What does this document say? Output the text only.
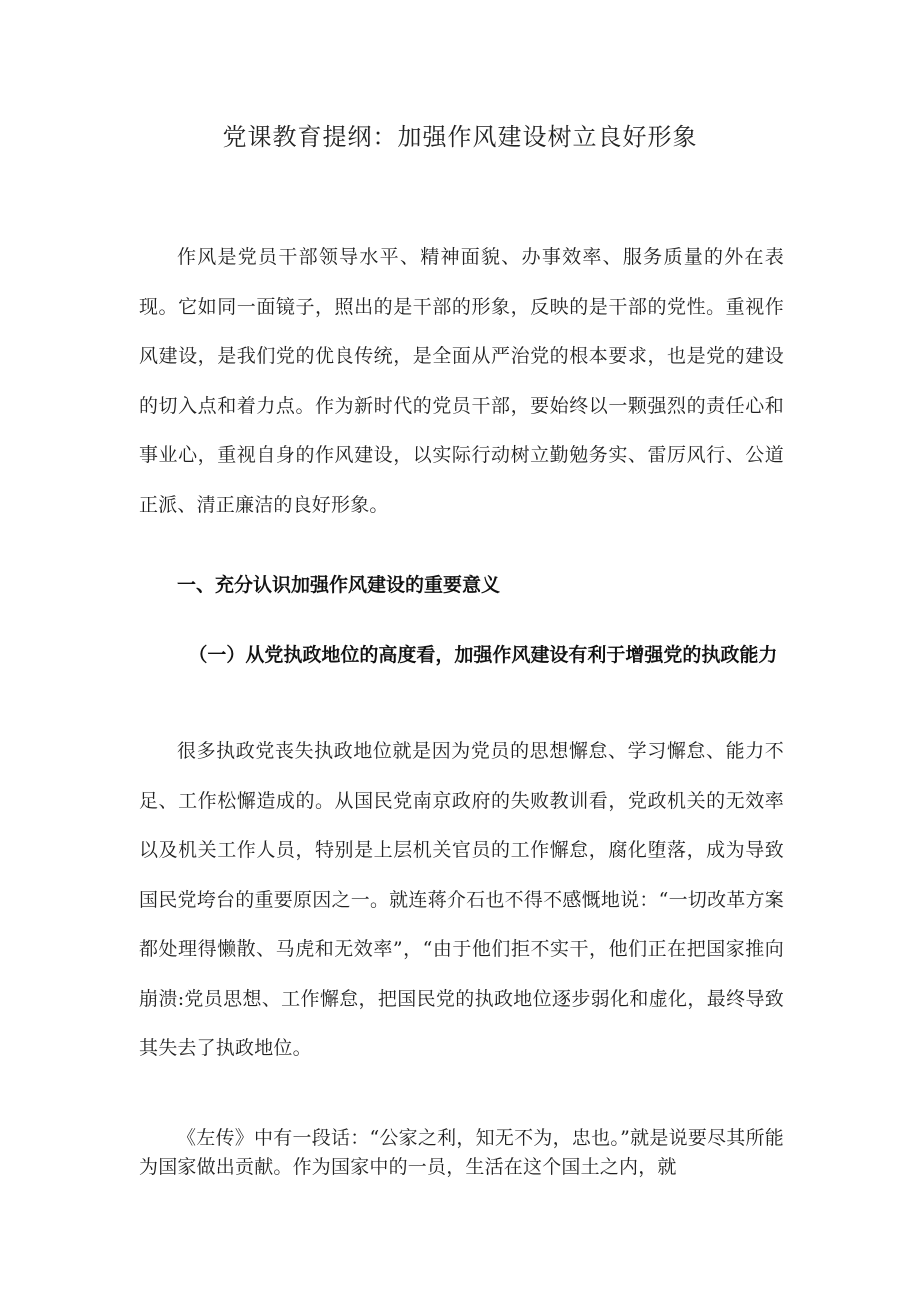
党课教育提纲：加强作风建设树立良好形象

作风是党员干部领导水平、精神面貌、办事效率、服务质量的外在表现。它如同一面镜子，照出的是干部的形象，反映的是干部的党性。重视作风建设，是我们党的优良传统，是全面从严治党的根本要求，也是党的建设的切入点和着力点。作为新时代的党员干部，要始终以一颗强烈的责任心和事业心，重视自身的作风建设，以实际行动树立勤勉务实、雷厉风行、公道正派、清正廉洁的良好形象。

一、充分认识加强作风建设的重要意义

（一）从党执政地位的高度看，加强作风建设有利于增强党的执政能力

很多执政党丧失执政地位就是因为党员的思想懈怠、学习懈怠、能力不足、工作松懈造成的。从国民党南京政府的失败教训看，党政机关的无效率以及机关工作人员，特别是上层机关官员的工作懈怠，腐化堕落，成为导致国民党垮台的重要原因之一。就连蒋介石也不得不感慨地说：“一切改革方案都处理得懒散、马虎和无效率”，“由于他们拒不实干，他们正在把国家推向崩溃:党员思想、工作懈怠，把国民党的执政地位逐步弱化和虚化，最终导致其失去了执政地位。

《左传》中有一段话：“公家之利，知无不为，忠也。”就是说要尽其所能为国家做出贡献。作为国家中的一员，生活在这个国土之内，就
